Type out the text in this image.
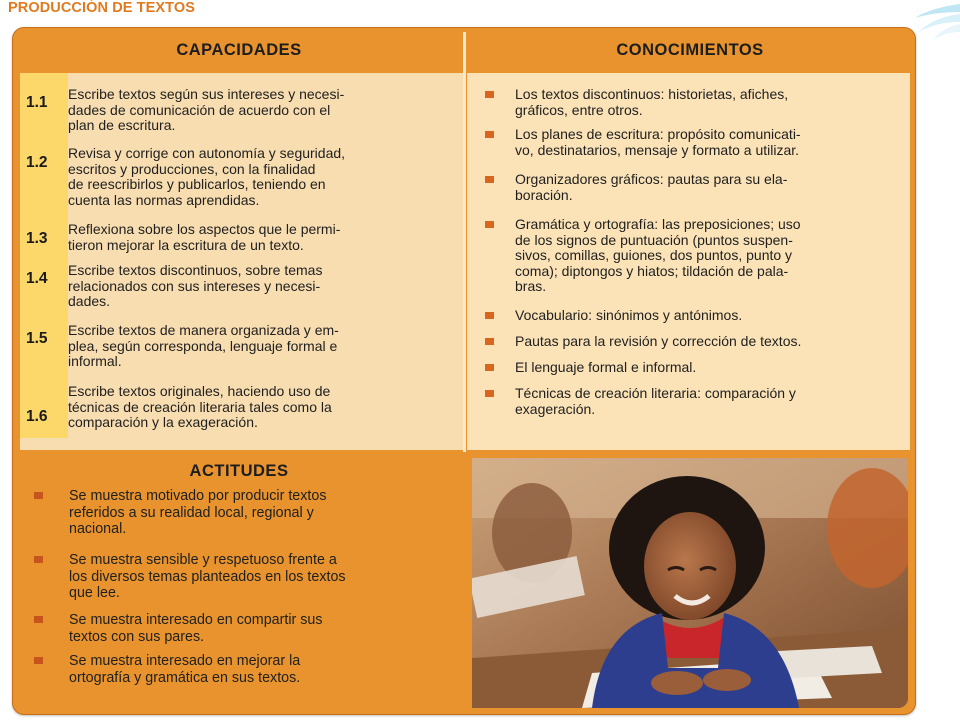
PRODUCCIÓN DE TEXTOS
CAPACIDADES	CONOCIMIENTOS
1.1 Escribe textos según sus intereses y necesi-
dades de comunicación de acuerdo con el
plan de escritura.
1.2
Revisa y corrige con autonomía y seguridad,
escritos y producciones, con la finalidad
de reescribirlos y publicarlos, teniendo en
cuenta las normas aprendidas.
1.3
Reflexiona sobre los aspectos que le permi-
tieron mejorar la escritura de un texto.
1.4 Escribe textos discontinuos, sobre temas
relacionados con sus intereses y necesi-
dades.
1.5 Escribe textos de manera organizada y em-
plea, según corresponda, lenguaje formal e
informal.
1.6
Escribe textos originales, haciendo uso de
técnicas de creación literaria tales como la
comparación y la exageración.
Los textos discontinuos: historietas, afiches,
gráficos, entre otros.
Los planes de escritura: propósito comunicati-
vo, destinatarios, mensaje y formato a utilizar.
Organizadores gráficos: pautas para su ela-
boración.
Gramática y ortografía: las preposiciones; uso
de los signos de puntuación (puntos suspen-
sivos, comillas, guiones, dos puntos, punto y
coma); diptongos y hiatos; tildación de pala-
bras.
Vocabulario: sinónimos y antónimos.
Pautas para la revisión y corrección de textos.
El lenguaje formal e informal.
Técnicas de creación literaria: comparación y
exageración.
ACTITUDES
Se muestra motivado por producir textos
referidos a su realidad local, regional y
nacional.
Se muestra sensible y respetuoso frente a
los diversos temas planteados en los textos
que lee.
Se muestra interesado en compartir sus
textos con sus pares.
Se muestra interesado en mejorar la
ortografía y gramática en sus textos.
